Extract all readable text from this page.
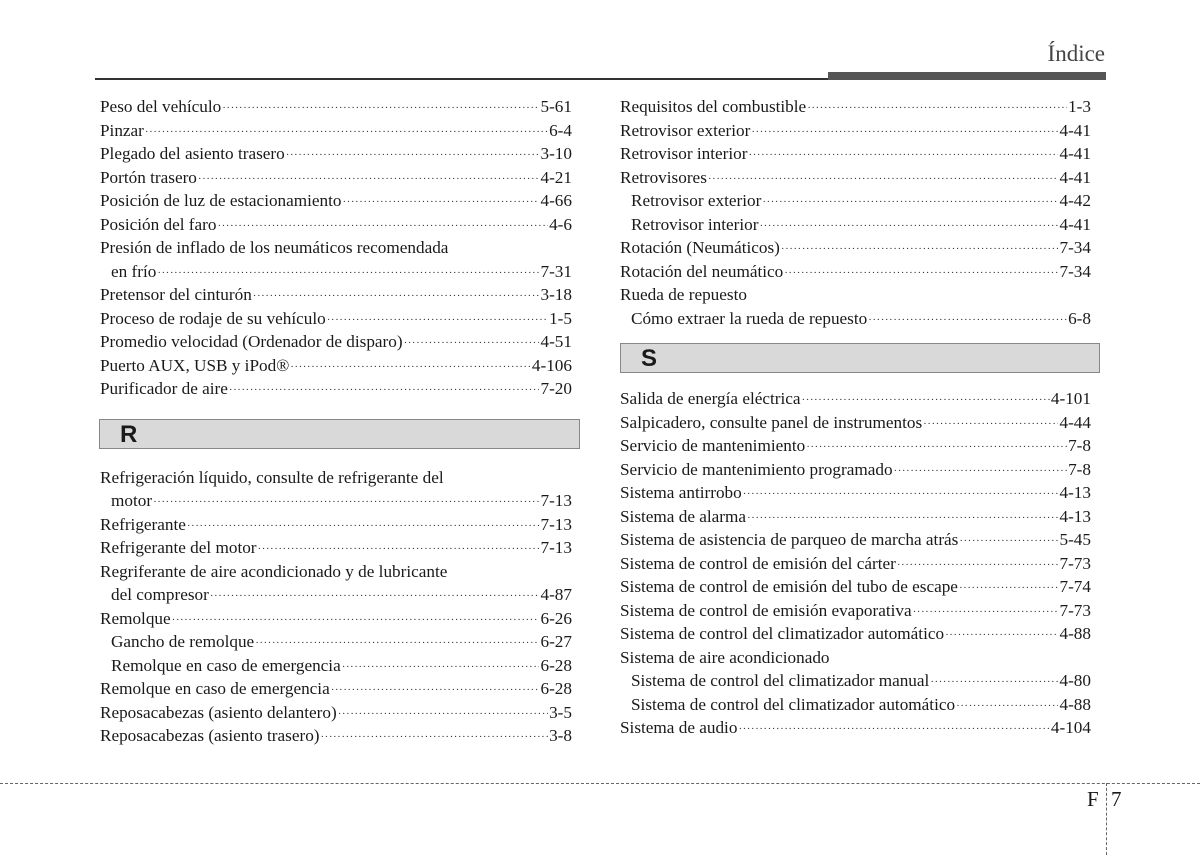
Índice
Peso del vehículo ·····	5-61
Pinzar ·····	6-4
Plegado del asiento trasero ·····	3-10
Portón trasero ·····	4-21
Posición de luz de estacionamiento ·····	4-66
Posición del faro ·····	4-6
Presión de inflado de los neumáticos recomendada
en frío ·····	7-31
Pretensor del cinturón ·····	3-18
Proceso de rodaje de su vehículo ·····	1-5
Promedio velocidad (Ordenador de disparo) ·····	4-51
Puerto AUX, USB y iPod® ·····	4-106
Purificador de aire ·····	7-20
R
Refrigeración líquido, consulte de refrigerante del
motor ·····	7-13
Refrigerante ·····	7-13
Refrigerante del motor ·····	7-13
Regriferante de aire acondicionado y de lubricante
del compresor ·····	4-87
Remolque ·····	6-26
Gancho de remolque ·····	6-27
Remolque en caso de emergencia ·····	6-28
Remolque en caso de emergencia ·····	6-28
Reposacabezas (asiento delantero) ·····	3-5
Reposacabezas (asiento trasero) ·····	3-8
Requisitos del combustible ·····	1-3
Retrovisor exterior ·····	4-41
Retrovisor interior ·····	4-41
Retrovisores ·····	4-41
Retrovisor exterior ·····	4-42
Retrovisor interior ·····	4-41
Rotación (Neumáticos) ·····	7-34
Rotación del neumático ·····	7-34
Rueda de repuesto
Cómo extraer la rueda de repuesto ·····	6-8
S
Salida de energía eléctrica ·····	4-101
Salpicadero, consulte panel de instrumentos ·····	4-44
Servicio de mantenimiento ·····	7-8
Servicio de mantenimiento programado ·····	7-8
Sistema antirrobo ·····	4-13
Sistema de alarma ·····	4-13
Sistema de asistencia de parqueo de marcha atrás ·····	5-45
Sistema de control de emisión del cárter ·····	7-73
Sistema de control de emisión del tubo de escape ·····	7-74
Sistema de control de emisión evaporativa ·····	7-73
Sistema de control del climatizador automático ·····	4-88
Sistema de aire acondicionado
Sistema de control del climatizador manual ·····	4-80
Sistema de control del climatizador automático ·····	4-88
Sistema de audio ·····	4-104
F 7
